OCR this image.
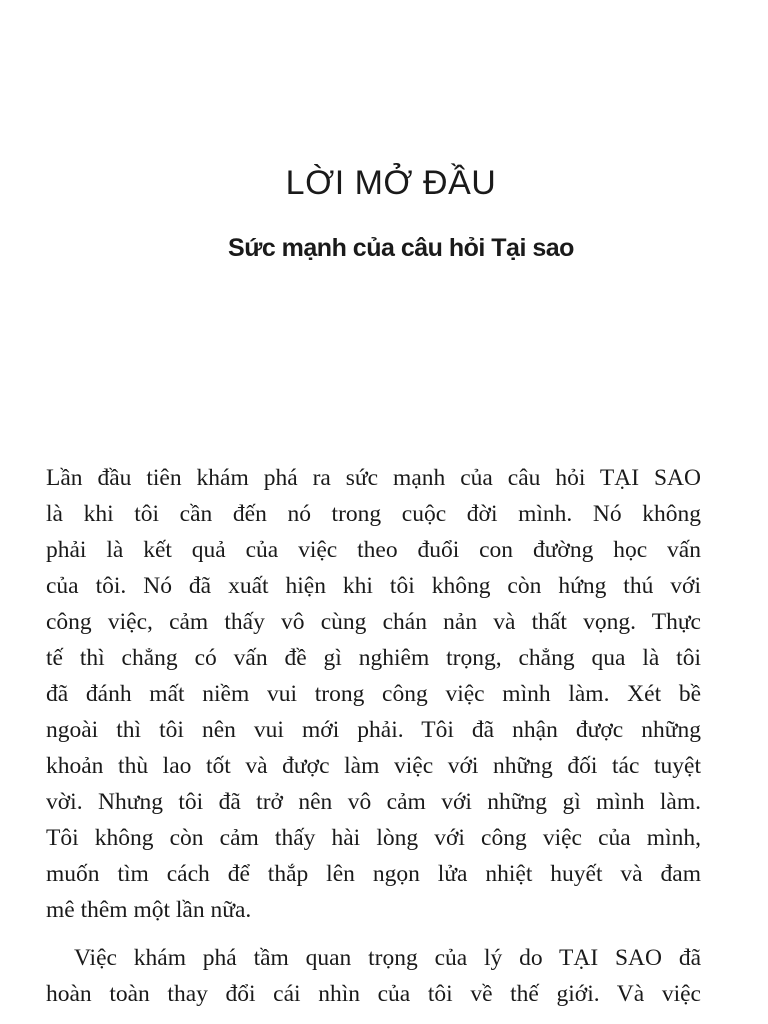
LỜI MỞ ĐẦU
Sức mạnh của câu hỏi Tại sao
Lần đầu tiên khám phá ra sức mạnh của câu hỏi TẠI SAO
là khi tôi cần đến nó trong cuộc đời mình. Nó không
phải là kết quả của việc theo đuổi con đường học vấn
của tôi. Nó đã xuất hiện khi tôi không còn hứng thú với
công việc, cảm thấy vô cùng chán nản và thất vọng. Thực
tế thì chẳng có vấn đề gì nghiêm trọng, chẳng qua là tôi
đã đánh mất niềm vui trong công việc mình làm. Xét bề
ngoài thì tôi nên vui mới phải. Tôi đã nhận được những
khoản thù lao tốt và được làm việc với những đối tác tuyệt
vời. Nhưng tôi đã trở nên vô cảm với những gì mình làm.
Tôi không còn cảm thấy hài lòng với công việc của mình,
muốn tìm cách để thắp lên ngọn lửa nhiệt huyết và đam
mê thêm một lần nữa.
Việc khám phá tầm quan trọng của lý do TẠI SAO đã
hoàn toàn thay đổi cái nhìn của tôi về thế giới. Và việc
